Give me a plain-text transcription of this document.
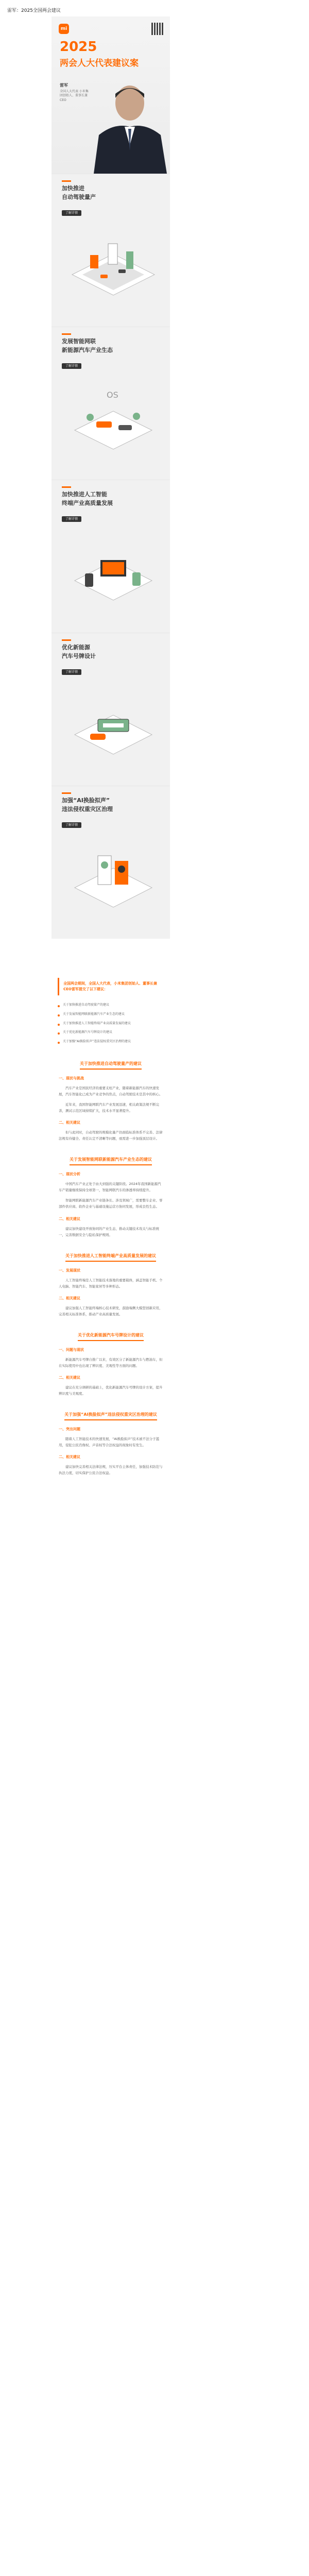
雷军：2025全国两会建议
mi
2025
两会人大代表建议案
雷军
全国人大代表 小米集团创始人、董事长兼CEO
加快推进
自动驾驶量产
了解详情
发展智能网联
新能源汽车产业生态
了解详情
OS
加快推进人工智能
终端产业高质量发展
了解详情
优化新能源
汽车号牌设计
了解详情
加强“AI换脸拟声”
违法侵权重灾区治理
了解详情
全国两会期间，全国人大代表，小米集团创始人、董事长兼CEO雷军提交了以下建议：
关于加快推进自动驾驶量产的建议
关于发展智能网联新能源汽车产业生态的建议
关于加快推进人工智能终端产业高质量发展的建议
关于优化新能源汽车号牌设计的建议
关于加强“AI换脸拟声”违法侵权重灾区治理的建议
关于加快推进自动驾驶量产的建议
一、现状与挑战

汽车产业是国民经济的重要支柱产业，随着新能源汽车的快速发展，汽车智能化已成为产业竞争的焦点，自动驾驶技术是其中的核心。

近年来，我国智能网联汽车产业发展迅速，相关政策法规不断完善，测试示范区域持续扩大，技术水平显著提升。

二、相关建议

但与此同时，自动驾驶的规模化量产仍面临标准体系不完善、法律法规有待健全、责任认定不清晰等问题，亟需进一步加强顶层设计。

关于发展智能网联新能源汽车产业生态的建议
一、现状分析

中国汽车产业正处于由大到强的关键阶段。2024年我国新能源汽车产销量继续保持全球第一，智能网联汽车的渗透率持续提升。

智能网联新能源汽车产业链条长、涉及领域广，需要整车企业、零部件供应商、软件企业与基础设施运营方协同发展，形成良性生态。

二、相关建议

建议加快建设开放协同的产业生态，推动关键技术攻关与标准统一，完善数据安全与隐私保护规则。

关于加快推进人工智能终端产业高质量发展的建议
一、发展现状

人工智能终端是人工智能技术落地的重要载体，涵盖智能手机、个人电脑、智能汽车、智能家居等多种形态。

二、相关建议

建议加强人工智能终端核心技术研发，鼓励端侧大模型创新应用，完善相关标准体系，推动产业高质量发展。

关于优化新能源汽车号牌设计的建议
一、问题与现状

新能源汽车号牌自推广以来，有效区分了新能源汽车与燃油车，但在实际使用中也出现了辨识度、美观性等方面的问题。

二、相关建议

建议在充分调研的基础上，优化新能源汽车号牌的设计方案，提升辨识度与美观度。

关于加强“AI换脸拟声”违法侵权重灾区治理的建议
一、突出问题

随着人工智能技术的快速发展，“AI换脸拟声”技术被不法分子滥用，侵犯公民肖像权、声音权等合法权益的现象时有发生。

二、相关建议

建议加快完善相关法律法规，压实平台主体责任，加强技术防范与执法力度，切实保护公民合法权益。
